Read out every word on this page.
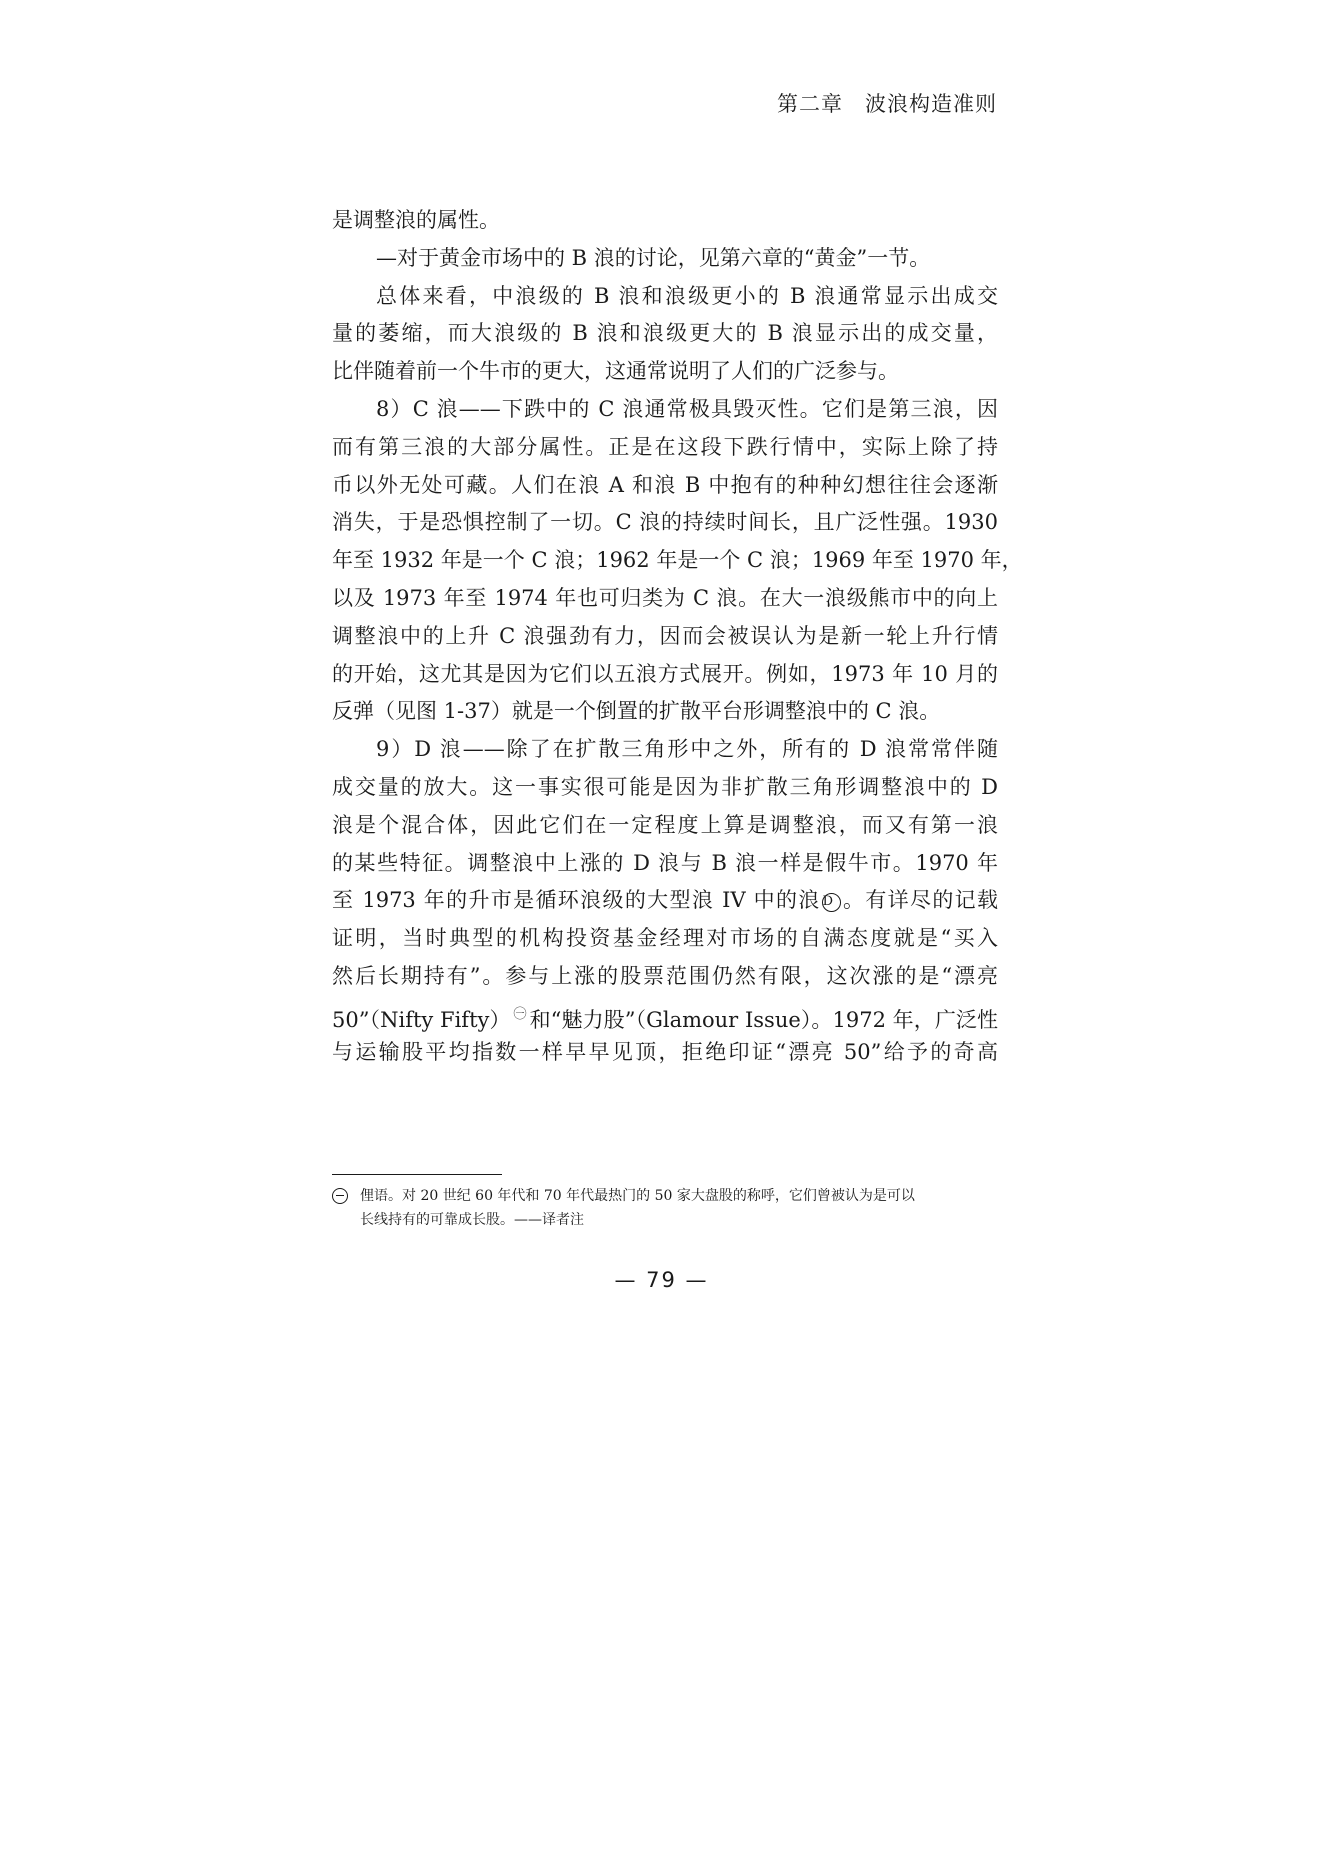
第二章 波浪构造准则
是调整浪的属性。
—对于黄金市场中的 B 浪的讨论，见第六章的“黄金”一节。
总体来看，中浪级的 B 浪和浪级更小的 B 浪通常显示出成交
量的萎缩，而大浪级的 B 浪和浪级更大的 B 浪显示出的成交量，
比伴随着前一个牛市的更大，这通常说明了人们的广泛参与。
8）C 浪——下跌中的 C 浪通常极具毁灭性。它们是第三浪，因
而有第三浪的大部分属性。正是在这段下跌行情中，实际上除了持
币以外无处可藏。人们在浪 A 和浪 B 中抱有的种种幻想往往会逐渐
消失，于是恐惧控制了一切。C 浪的持续时间长，且广泛性强。1930
年至 1932 年是一个 C 浪；1962 年是一个 C 浪；1969 年至 1970 年，
以及 1973 年至 1974 年也可归类为 C 浪。在大一浪级熊市中的向上
调整浪中的上升 C 浪强劲有力，因而会被误认为是新一轮上升行情
的开始，这尤其是因为它们以五浪方式展开。例如，1973 年 10 月的
反弹（见图 1-37）就是一个倒置的扩散平台形调整浪中的 C 浪。
9）D 浪——除了在扩散三角形中之外，所有的 D 浪常常伴随
成交量的放大。这一事实很可能是因为非扩散三角形调整浪中的 D
浪是个混合体，因此它们在一定程度上算是调整浪，而又有第一浪
的某些特征。调整浪中上涨的 D 浪与 B 浪一样是假牛市。1970 年
至 1973 年的升市是循环浪级的大型浪 IV 中的浪 D 。有详尽的记载
证明，当时典型的机构投资基金经理对市场的自满态度就是“买入
然后长期持有”。参与上涨的股票范围仍然有限，这次涨的是“漂亮
50”（Nifty Fifty） $^㊀$ 和“魅力股”（Glamour Issue）。1972 年，广泛性
与运输股平均指数一样早早见顶，拒绝印证“漂亮 50”给予的奇高
俚语。对 20 世纪 60 年代和 70 年代最热门的 50 家大盘股的称呼，它们曾被认为是可以
长线持有的可靠成长股。——译者注
— 79 —
